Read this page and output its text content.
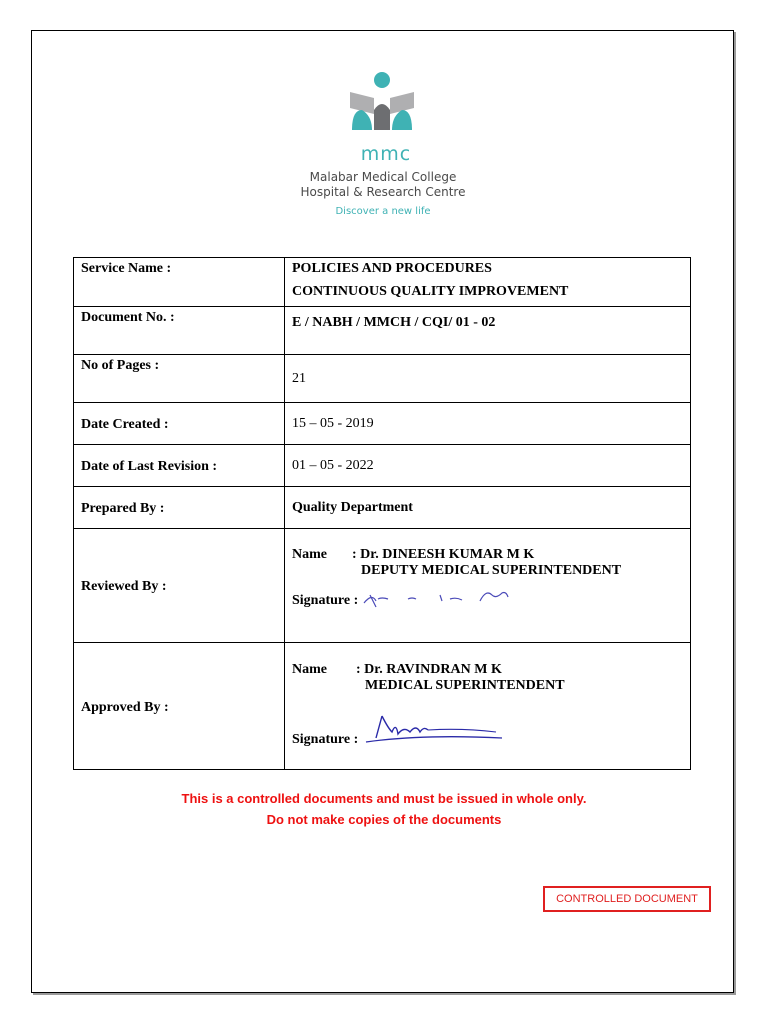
mmc
Malabar Medical College
Hospital & Research Centre
Discover a new life
Service Name :	POLICIES AND PROCEDURES
CONTINUOUS QUALITY IMPROVEMENT

Document No. :	E / NABH / MMCH / CQI/ 01 - 02
No of Pages :	21
Date Created :	15 – 05 - 2019
Date of Last Revision :	01 – 05 - 2022
Prepared By :	Quality Department
Reviewed By :	Name : Dr. DINEESH KUMAR M K
DEPUTY MEDICAL SUPERINTENDENT
Signature :

Approved By :	Name : Dr. RAVINDRAN M K
MEDICAL SUPERINTENDENT
Signature :
This is a controlled documents and must be issued in whole only.
Do not make copies of the documents
CONTROLLED DOCUMENT
